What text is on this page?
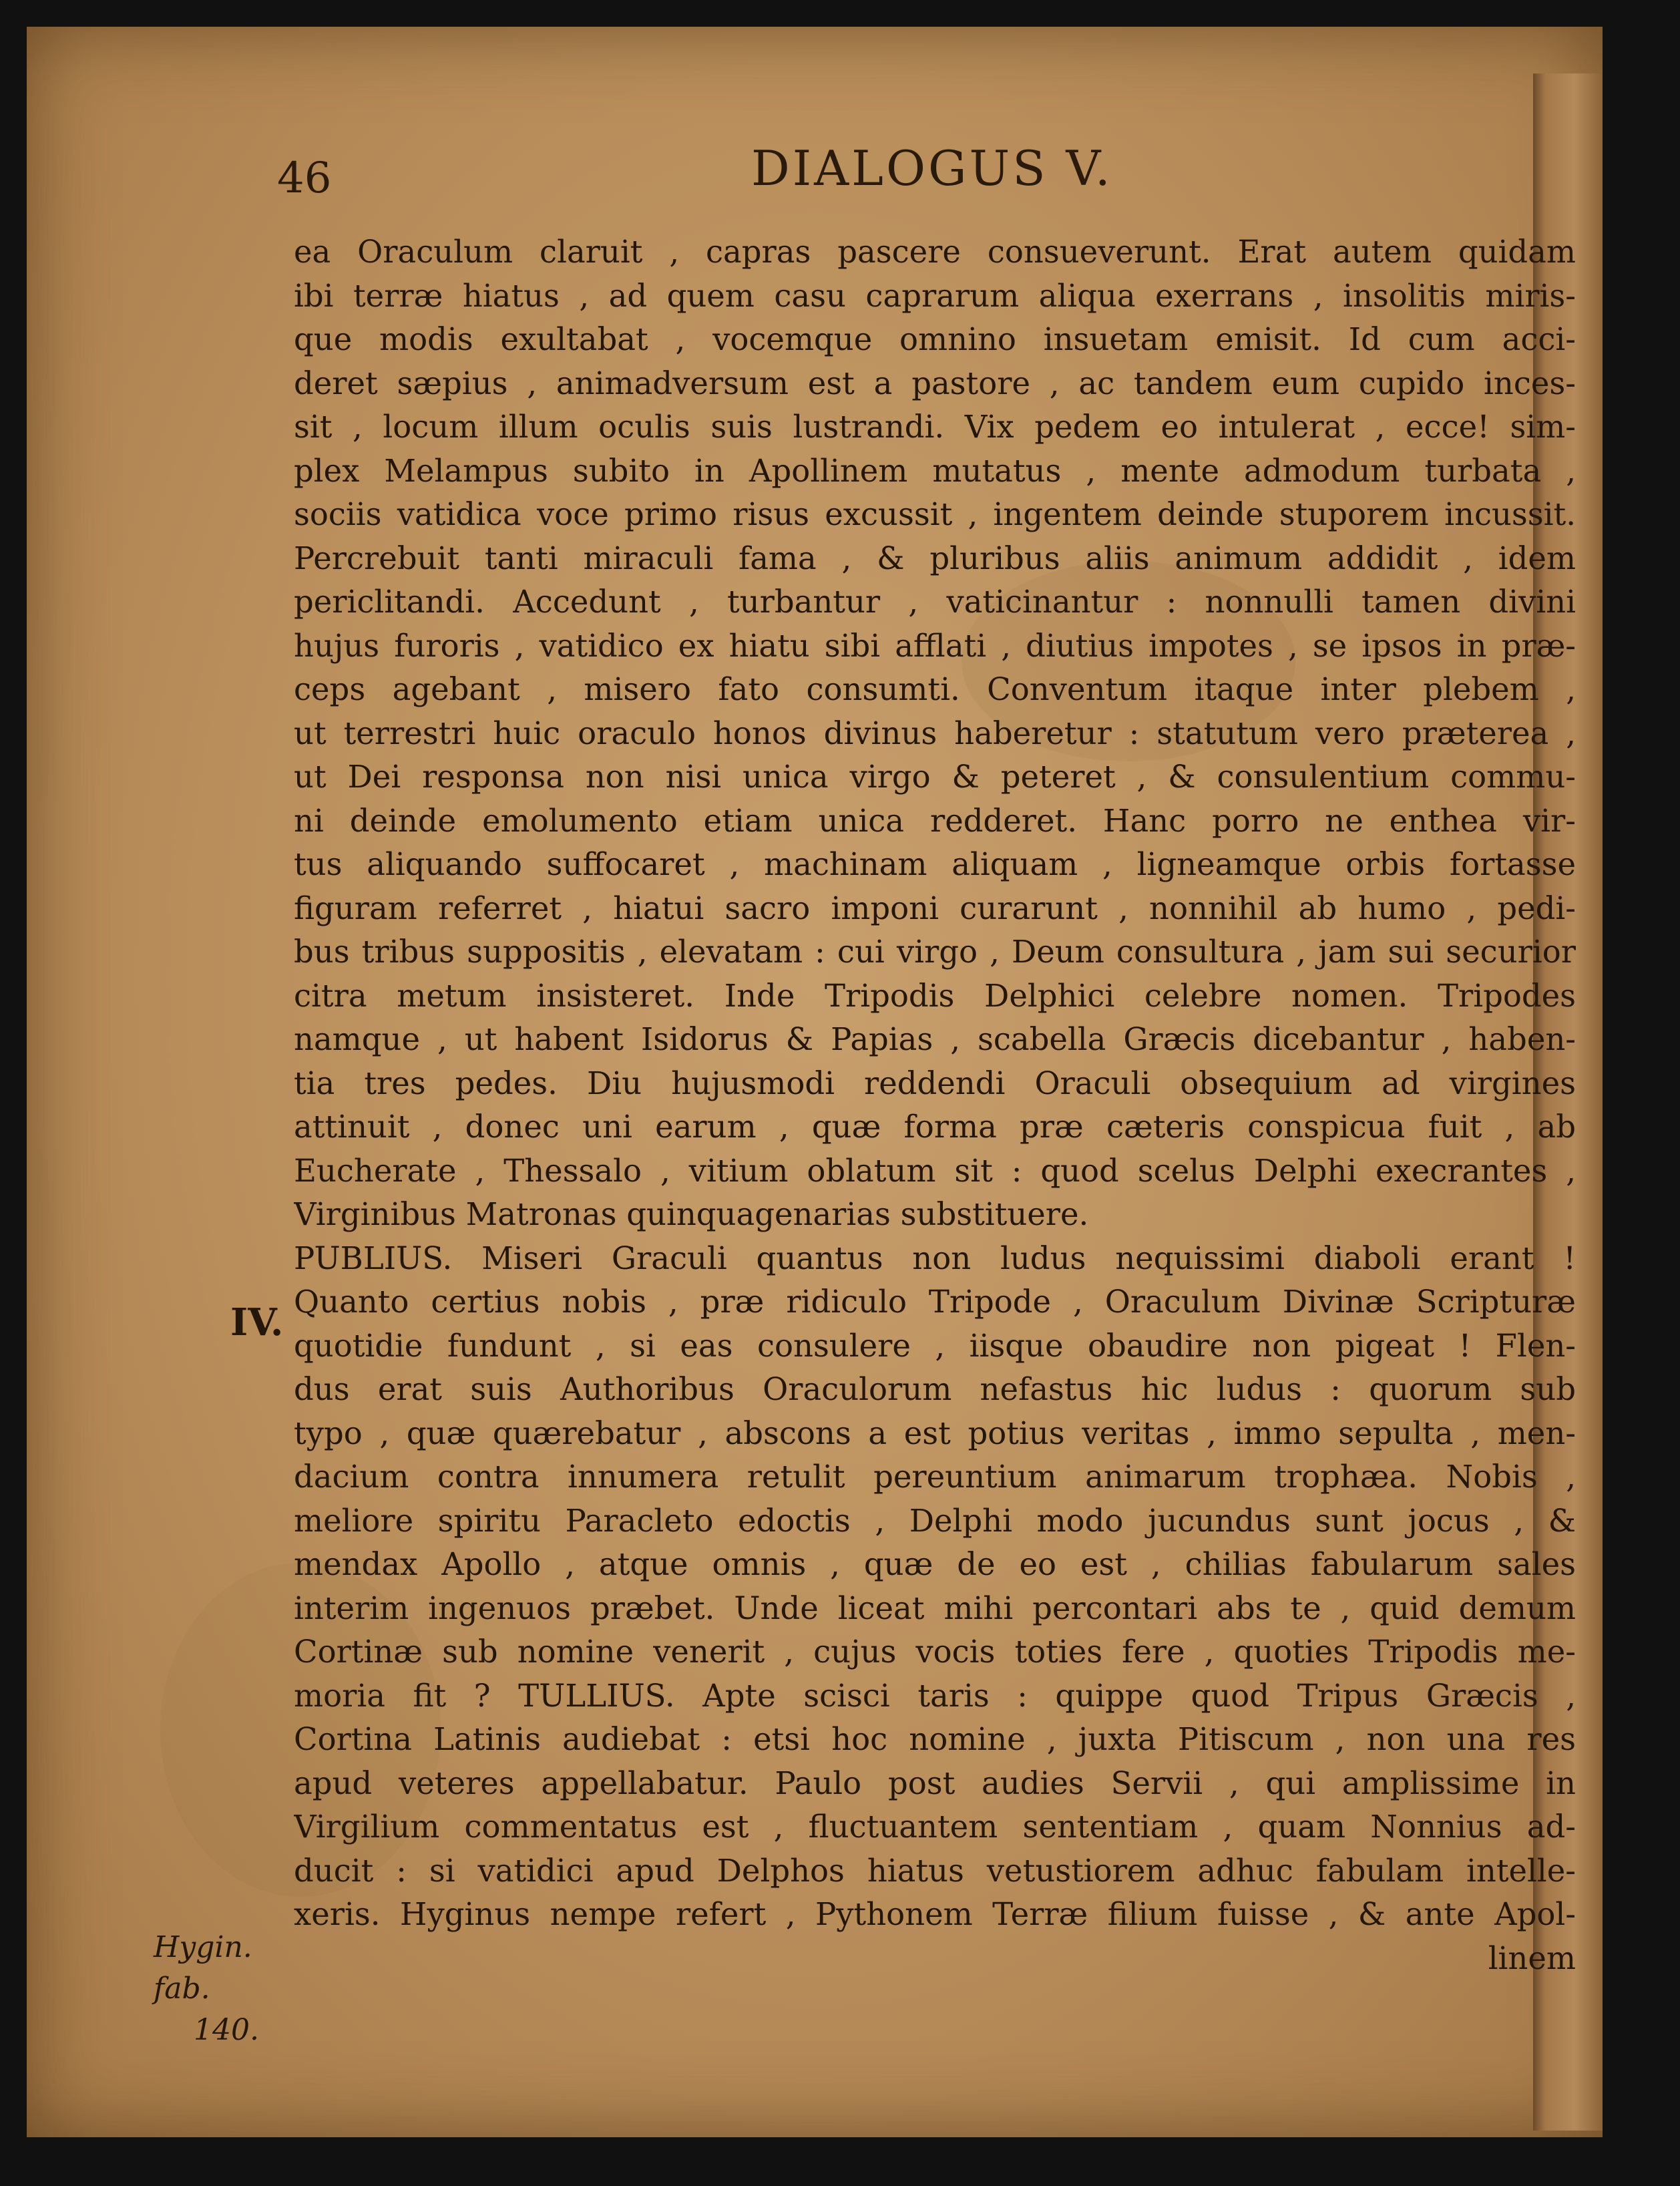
46	DIALOGUS V.
ea Oraculum claruit , capras pascere consueverunt. Erat autem quidam
ibi terræ hiatus , ad quem casu caprarum aliqua exerrans , insolitis miris-
que modis exultabat , vocemque omnino insuetam emisit. Id cum acci-
deret sæpius , animadversum est a pastore , ac tandem eum cupido inces-
sit , locum illum oculis suis lustrandi. Vix pedem eo intulerat , ecce! sim-
plex Melampus subito in Apollinem mutatus , mente admodum turbata ,
sociis vatidica voce primo risus excussit , ingentem deinde stuporem incussit.
Percrebuit tanti miraculi fama , & pluribus aliis animum addidit , idem
periclitandi. Accedunt , turbantur , vaticinantur : nonnulli tamen divini
hujus furoris , vatidico ex hiatu sibi afflati , diutius impotes , se ipsos in præ-
ceps agebant , misero fato consumti. Conventum itaque inter plebem ,
ut terrestri huic oraculo honos divinus haberetur : statutum vero præterea ,
ut Dei responsa non nisi unica virgo & peteret , & consulentium commu-
ni deinde emolumento etiam unica redderet. Hanc porro ne enthea vir-
tus aliquando suffocaret , machinam aliquam , ligneamque orbis fortasse
figuram referret , hiatui sacro imponi curarunt , nonnihil ab humo , pedi-
bus tribus suppositis , elevatam : cui virgo , Deum consultura , jam sui securior
citra metum insisteret. Inde Tripodis Delphici celebre nomen. Tripodes
namque , ut habent Isidorus & Papias , scabella Græcis dicebantur , haben-
tia tres pedes. Diu hujusmodi reddendi Oraculi obsequium ad virgines
attinuit , donec uni earum , quæ forma præ cæteris conspicua fuit , ab
Eucherate , Thessalo , vitium oblatum sit : quod scelus Delphi execrantes ,
Virginibus Matronas quinquagenarias substituere.
PUBLIUS. Miseri Graculi quantus non ludus nequissimi diaboli erant !
Quanto certius nobis , præ ridiculo Tripode , Oraculum Divinæ Scripturæ
quotidie fundunt , si eas consulere , iisque obaudire non pigeat ! Flen-
dus erat suis Authoribus Oraculorum nefastus hic ludus : quorum sub
typo , quæ quærebatur , abscons a est potius veritas , immo sepulta , men-
dacium contra innumera retulit pereuntium animarum trophæa. Nobis ,
meliore spiritu Paracleto edoctis , Delphi modo jucundus sunt jocus , &
mendax Apollo , atque omnis , quæ de eo est , chilias fabularum sales
interim ingenuos præbet. Unde liceat mihi percontari abs te , quid demum
Cortinæ sub nomine venerit , cujus vocis toties fere , quoties Tripodis me-
moria fit ? TULLIUS. Apte scisci taris : quippe quod Tripus Græcis ,
Cortina Latinis audiebat : etsi hoc nomine , juxta Pitiscum , non una res
apud veteres appellabatur. Paulo post audies Servii , qui amplissime in
Virgilium commentatus est , fluctuantem sententiam , quam Nonnius ad-
ducit : si vatidici apud Delphos hiatus vetustiorem adhuc fabulam intelle-
xeris. Hyginus nempe refert , Pythonem Terræ filium fuisse , & ante Apol-
linem
IV.
Hygin. fab.
140.
